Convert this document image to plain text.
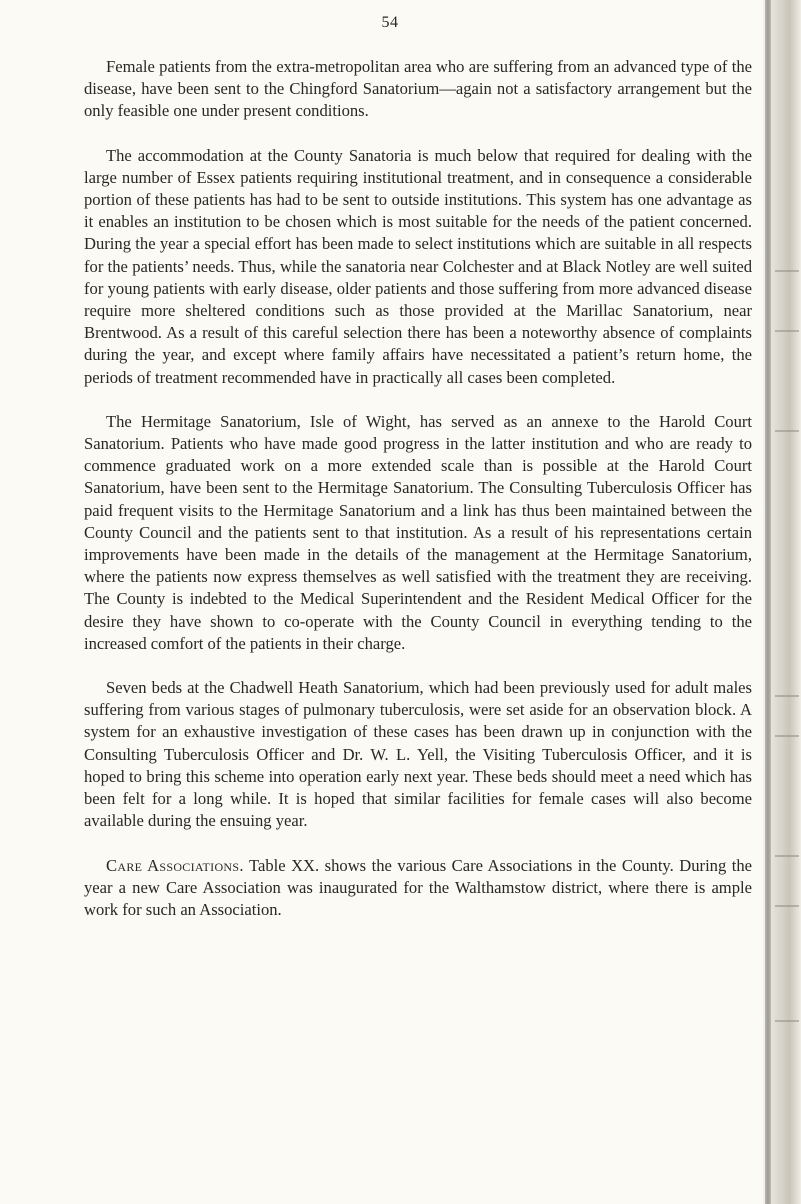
54

Female patients from the extra-metropolitan area who are suffering from an advanced type of the disease, have been sent to the Chingford Sanatorium—again not a satisfactory arrangement but the only feasible one under present conditions.

The accommodation at the County Sanatoria is much below that required for dealing with the large number of Essex patients requiring institutional treatment, and in consequence a considerable portion of these patients has had to be sent to outside institutions. This system has one advantage as it enables an institution to be chosen which is most suitable for the needs of the patient concerned. During the year a special effort has been made to select institutions which are suitable in all respects for the patients’ needs. Thus, while the sanatoria near Colchester and at Black Notley are well suited for young patients with early disease, older patients and those suffering from more advanced disease require more sheltered conditions such as those provided at the Marillac Sanatorium, near Brentwood. As a result of this careful selection there has been a noteworthy absence of complaints during the year, and except where family affairs have necessitated a patient’s return home, the periods of treatment recommended have in practically all cases been completed.

The Hermitage Sanatorium, Isle of Wight, has served as an annexe to the Harold Court Sanatorium. Patients who have made good progress in the latter institution and who are ready to commence graduated work on a more extended scale than is possible at the Harold Court Sanatorium, have been sent to the Hermitage Sanatorium. The Consulting Tuberculosis Officer has paid frequent visits to the Hermitage Sanatorium and a link has thus been maintained between the County Council and the patients sent to that institution. As a result of his representations certain improvements have been made in the details of the management at the Hermitage Sanatorium, where the patients now express themselves as well satisfied with the treatment they are receiving. The County is indebted to the Medical Superintendent and the Resident Medical Officer for the desire they have shown to co-operate with the County Council in everything tending to the increased comfort of the patients in their charge.

Seven beds at the Chadwell Heath Sanatorium, which had been previously used for adult males suffering from various stages of pulmonary tuberculosis, were set aside for an observation block. A system for an exhaustive investigation of these cases has been drawn up in conjunction with the Consulting Tuberculosis Officer and Dr. W. L. Yell, the Visiting Tuberculosis Officer, and it is hoped to bring this scheme into operation early next year. These beds should meet a need which has been felt for a long while. It is hoped that similar facilities for female cases will also become available during the ensuing year.

Care Associations. Table XX. shows the various Care Associations in the County. During the year a new Care Association was inaugurated for the Walthamstow district, where there is ample work for such an Association.
